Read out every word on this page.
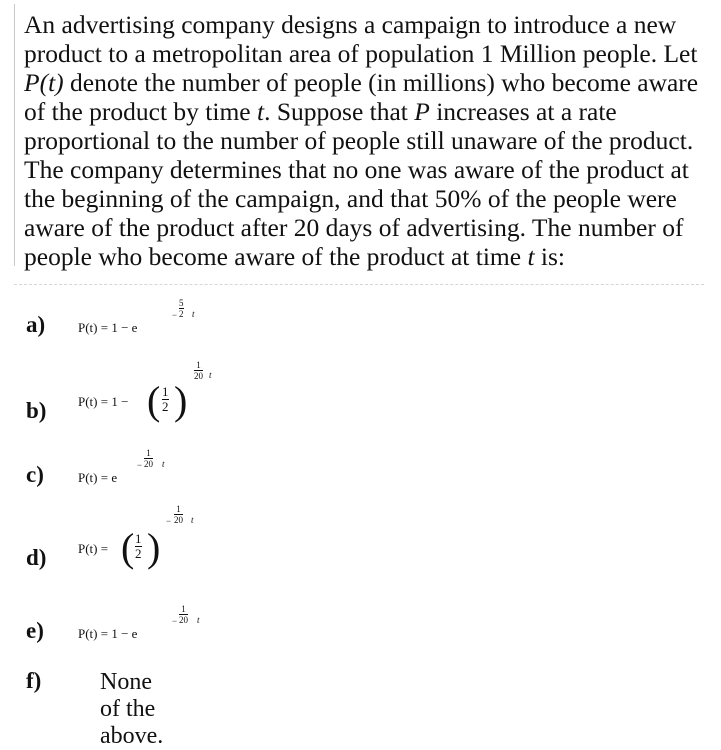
An advertising company designs a campaign to introduce a new

product to a metropolitan area of population 1 Million people. Let

P(t) denote the number of people (in millions) who become aware

of the product by time t. Suppose that P increases at a rate

proportional to the number of people still unaware of the product.

The company determines that no one was aware of the product at

the beginning of the campaign, and that 50% of the people were

aware of the product after 20 days of advertising. The number of

people who become aware of the product at time t is:

a)	P(t) = 1 − e
− $\frac{5}{2}$ t
b) P(t) = 1 − ( $\frac{1}{2}$ )
$\frac{1}{20}$ t
c)	P(t) = e
− $\frac{1}{20}$ t
d) P(t) = ( $\frac{1}{2}$ )
− $\frac{1}{20}$ t
e)	P(t) = 1 − e
− $\frac{1}{20}$ t
f) None of the above.
